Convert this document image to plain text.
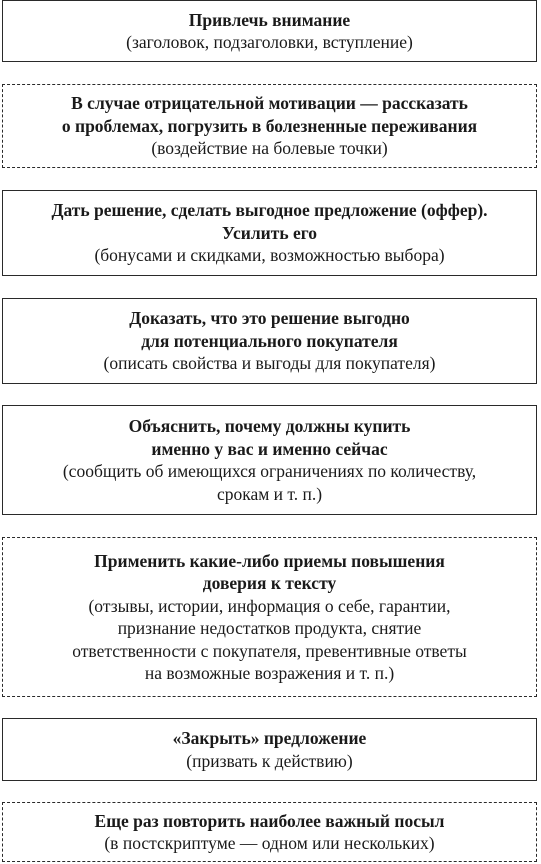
Привлечь внимание
(заголовок, подзаголовки, вступление)
В случае отрицательной мотивации — рассказать
о проблемах, погрузить в болезненные переживания
(воздействие на болевые точки)
Дать решение, сделать выгодное предложение (оффер).
Усилить его
(бонусами и скидками, возможностью выбора)
Доказать, что это решение выгодно
для потенциального покупателя
(описать свойства и выгоды для покупателя)
Объяснить, почему должны купить
именно у вас и именно сейчас
(сообщить об имеющихся ограничениях по количеству,
срокам и т. п.)
Применить какие-либо приемы повышения
доверия к тексту
(отзывы, истории, информация о себе, гарантии,
признание недостатков продукта, снятие
ответственности с покупателя, превентивные ответы
на возможные возражения и т. п.)
«Закрыть» предложение
(призвать к действию)
Еще раз повторить наиболее важный посыл
(в постскриптуме — одном или нескольких)
